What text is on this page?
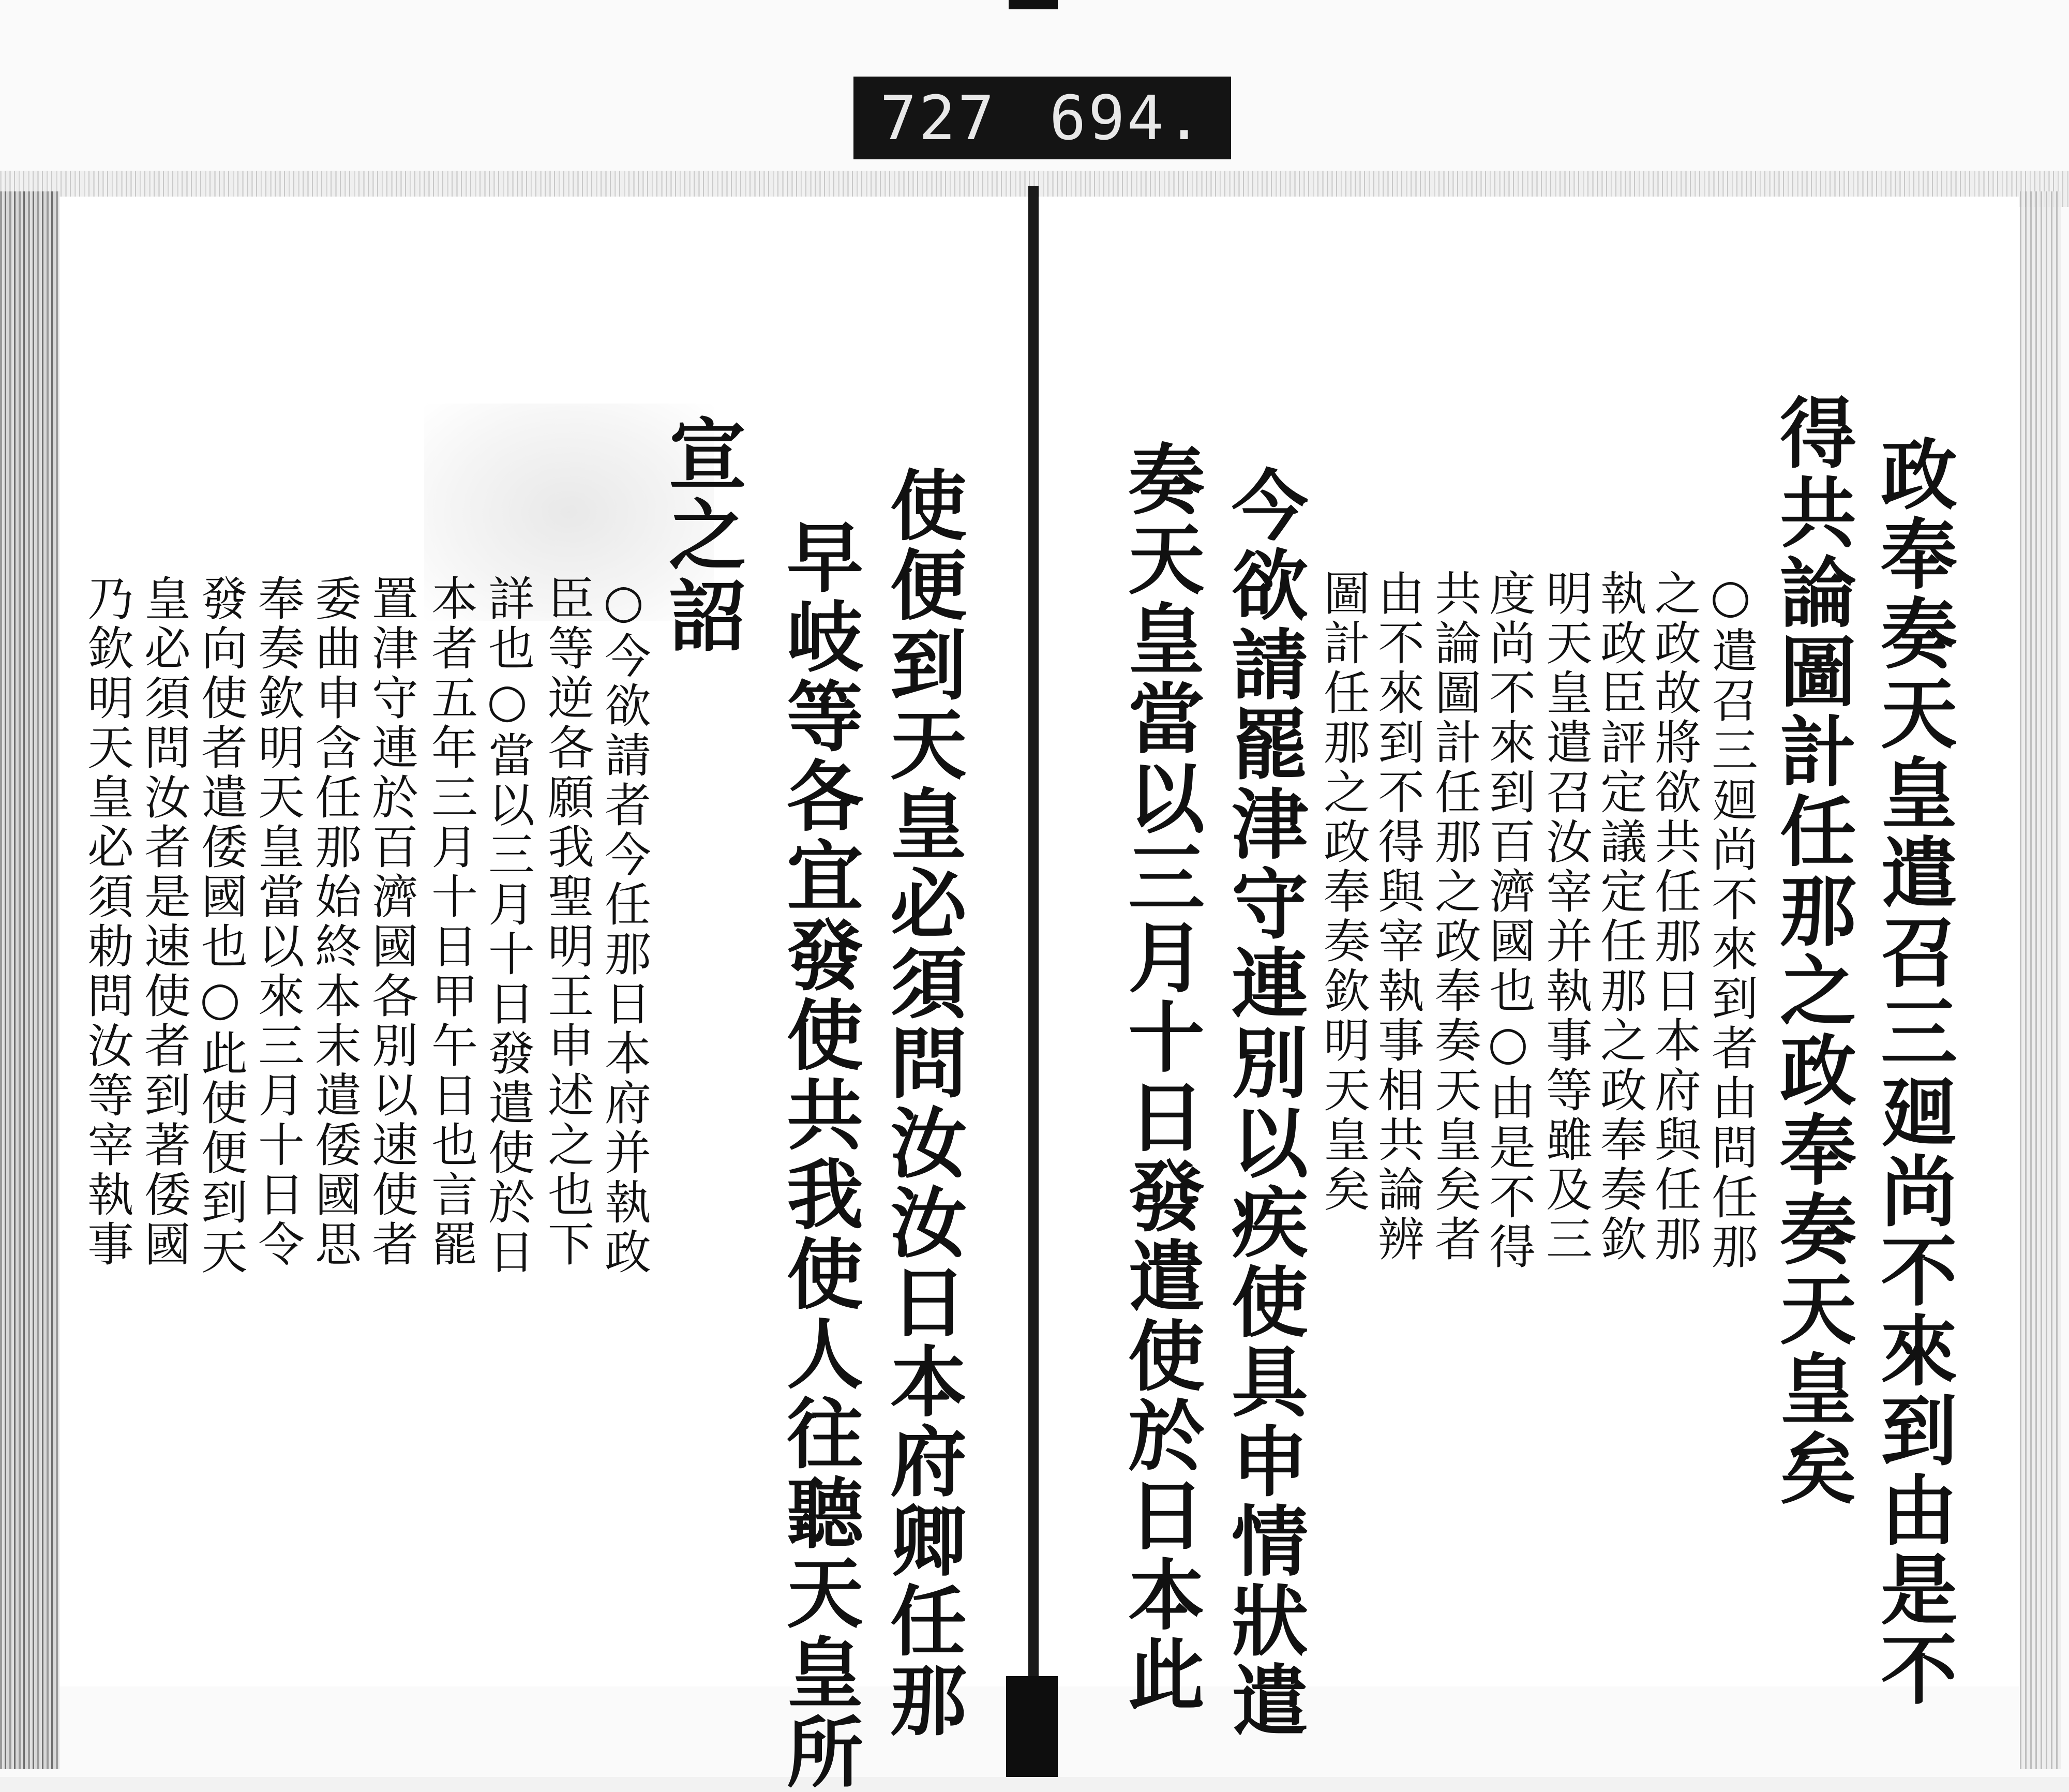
727 694.
政奉奏天皇遣召三廻尚不來到由是不
得共論圖計任那之政奉奏天皇矣
○遣召三廻尚不來到者由問任那
之政故將欲共任那日本府與任那
執政臣評定議定任那之政奉奏欽
明天皇遣召汝宰并執事等雖及三
度尚不來到百濟國也○由是不得
共論圖計任那之政奉奏天皇矣者
由不來到不得與宰執事相共論辨
圖計任那之政奉奏欽明天皇矣
今欲請罷津守連別以疾使具申情狀遣
奏天皇當以三月十日發遣使於日本此
使便到天皇必須問汝汝日本府卿任那
早岐等各宜發使共我使人往聽天皇所
宣之詔
○今欲請者今任那日本府并執政
臣等逆各願我聖明王申述之也下
詳也○當以三月十日發遣使於日
本者五年三月十日甲午日也言罷
置津守連於百濟國各別以速使者
委曲申含任那始終本末遣倭國思
奉奏欽明天皇當以來三月十日令
發向使者遣倭國也○此使便到天
皇必須問汝者是速使者到著倭國
乃欽明天皇必須勅問汝等宰執事
